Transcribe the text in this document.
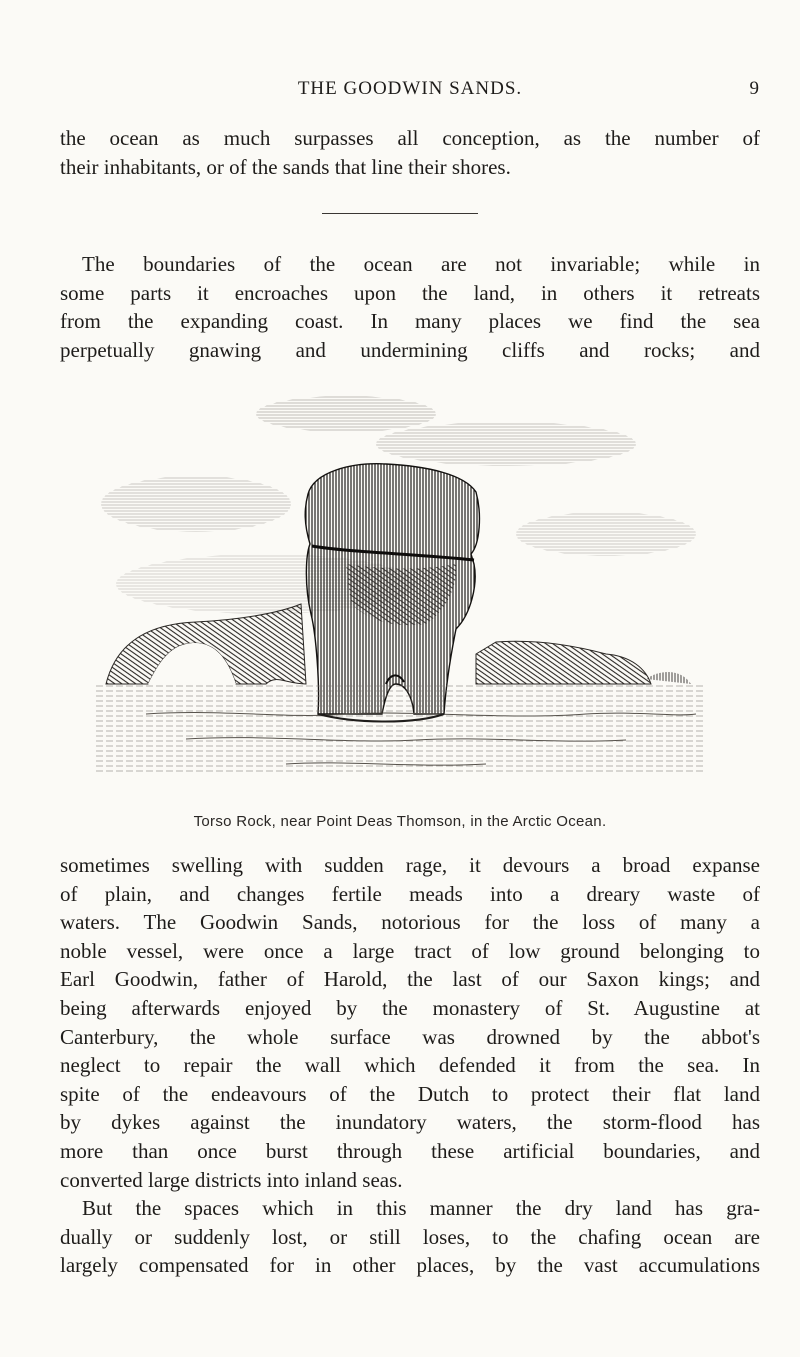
THE GOODWIN SANDS.	9

the ocean as much surpasses all conception, as the number of
their inhabitants, or of the sands that line their shores.

The boundaries of the ocean are not invariable; while in
some parts it encroaches upon the land, in others it retreats
from the expanding coast. In many places we find the sea
perpetually gnawing and undermining cliffs and rocks; and

Torso Rock, near Point Deas Thomson, in the Arctic Ocean.
sometimes swelling with sudden rage, it devours a broad expanse
of plain, and changes fertile meads into a dreary waste of
waters. The Goodwin Sands, notorious for the loss of many a
noble vessel, were once a large tract of low ground belonging to
Earl Goodwin, father of Harold, the last of our Saxon kings; and
being afterwards enjoyed by the monastery of St. Augustine at
Canterbury, the whole surface was drowned by the abbot's
neglect to repair the wall which defended it from the sea. In
spite of the endeavours of the Dutch to protect their flat land
by dykes against the inundatory waters, the storm-flood has
more than once burst through these artificial boundaries, and
converted large districts into inland seas.
But the spaces which in this manner the dry land has gra-
dually or suddenly lost, or still loses, to the chafing ocean are
largely compensated for in other places, by the vast accumulations
